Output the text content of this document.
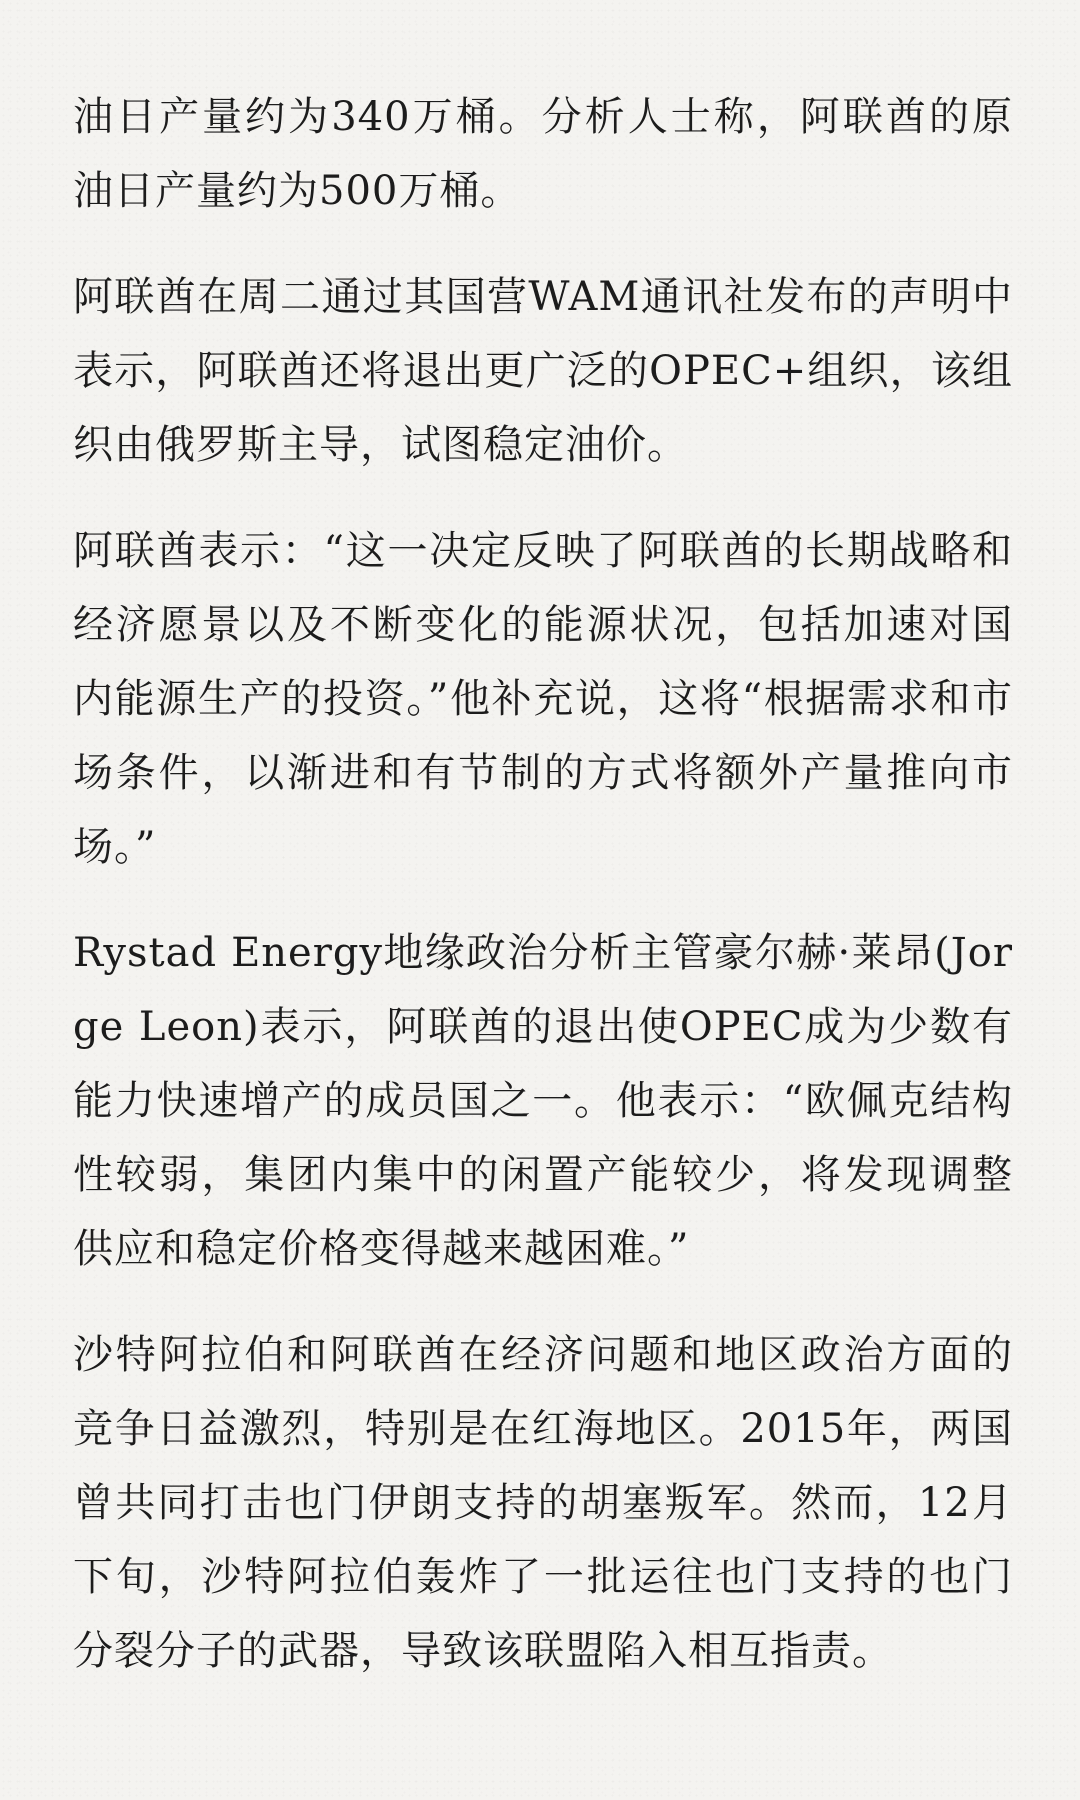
油日产量约为340万桶。分析人士称，阿联酋的原油日产量约为500万桶。

阿联酋在周二通过其国营WAM通讯社发布的声明中表示，阿联酋还将退出更广泛的OPEC+组织，该组织由俄罗斯主导，试图稳定油价。

阿联酋表示：“这一决定反映了阿联酋的长期战略和经济愿景以及不断变化的能源状况，包括加速对国内能源生产的投资。”他补充说，这将“根据需求和市场条件，以渐进和有节制的方式将额外产量推向市场。”

Rystad Energy地缘政治分析主管豪尔赫·莱昂(Jorge Leon)表示，阿联酋的退出使OPEC成为少数有能力快速增产的成员国之一。他表示：“欧佩克结构性较弱，集团内集中的闲置产能较少，将发现调整供应和稳定价格变得越来越困难。”

沙特阿拉伯和阿联酋在经济问题和地区政治方面的竞争日益激烈，特别是在红海地区。2015年，两国曾共同打击也门伊朗支持的胡塞叛军。然而，12月下旬，沙特阿拉伯轰炸了一批运往也门支持的也门分裂分子的武器，导致该联盟陷入相互指责。
